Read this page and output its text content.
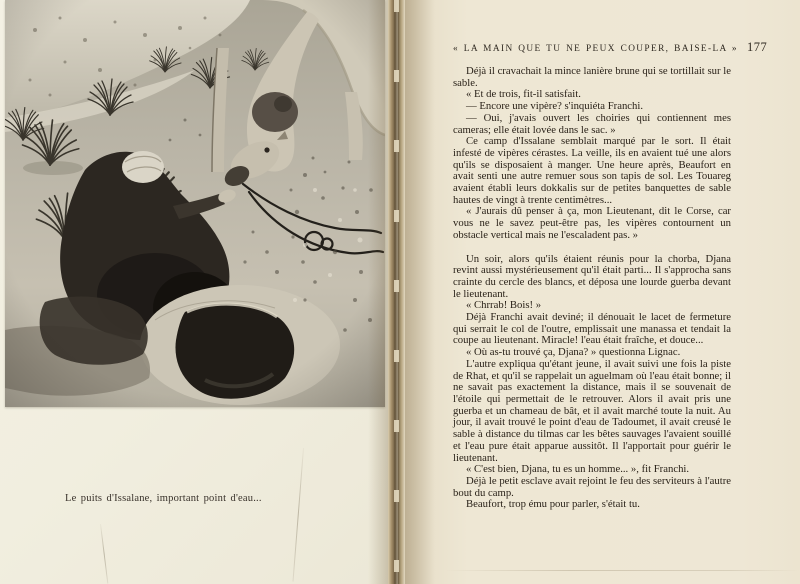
Le puits d'Issalane, important point d'eau...
« LA MAIN QUE TU NE PEUX COUPER, BAISE-LA » 177

Déjà il cravachait la mince lanière brune qui se tortillait sur le sable.

« Et de trois, fit-il satisfait.

— Encore une vipère? s'inquiéta Franchi.

— Oui, j'avais ouvert les choiries qui contiennent mes cameras; elle était lovée dans le sac. »

Ce camp d'Issalane semblait marqué par le sort. Il était infesté de vipères cérastes. La veille, ils en avaient tué une alors qu'ils se disposaient à manger. Une heure après, Beaufort en avait senti une autre remuer sous son tapis de sol. Les Touareg avaient établi leurs dokkalis sur de petites banquettes de sable hautes de vingt à trente centimètres...

« J'aurais dû penser à ça, mon Lieutenant, dit le Corse, car vous ne le savez peut-être pas, les vipères contournent un obstacle vertical mais ne l'escaladent pas. »

Un soir, alors qu'ils étaient réunis pour la chorba, Djana revint aussi mystérieusement qu'il était parti... Il s'approcha sans crainte du cercle des blancs, et déposa une lourde guerba devant le lieutenant.

« Chrrab! Bois! »

Déjà Franchi avait deviné; il dénouait le lacet de fermeture qui serrait le col de l'outre, emplissait une manassa et tendait la coupe au lieutenant. Miracle! l'eau était fraîche, et douce...

« Où as-tu trouvé ça, Djana? » questionna Lignac.

L'autre expliqua qu'étant jeune, il avait suivi une fois la piste de Rhat, et qu'il se rappelait un aguelmam où l'eau était bonne; il ne savait pas exactement la distance, mais il se souvenait de l'étoile qui permettait de le retrouver. Alors il avait pris une guerba et un chameau de bât, et il avait marché toute la nuit. Au jour, il avait trouvé le point d'eau de Tadoumet, il avait creusé le sable à distance du tilmas car les bêtes sauvages l'avaient souillé et l'eau pure était apparue aussitôt. Il l'apportait pour guérir le lieutenant.

« C'est bien, Djana, tu es un homme... », fit Franchi.

Déjà le petit esclave avait rejoint le feu des serviteurs à l'autre bout du camp.

Beaufort, trop ému pour parler, s'était tu.
